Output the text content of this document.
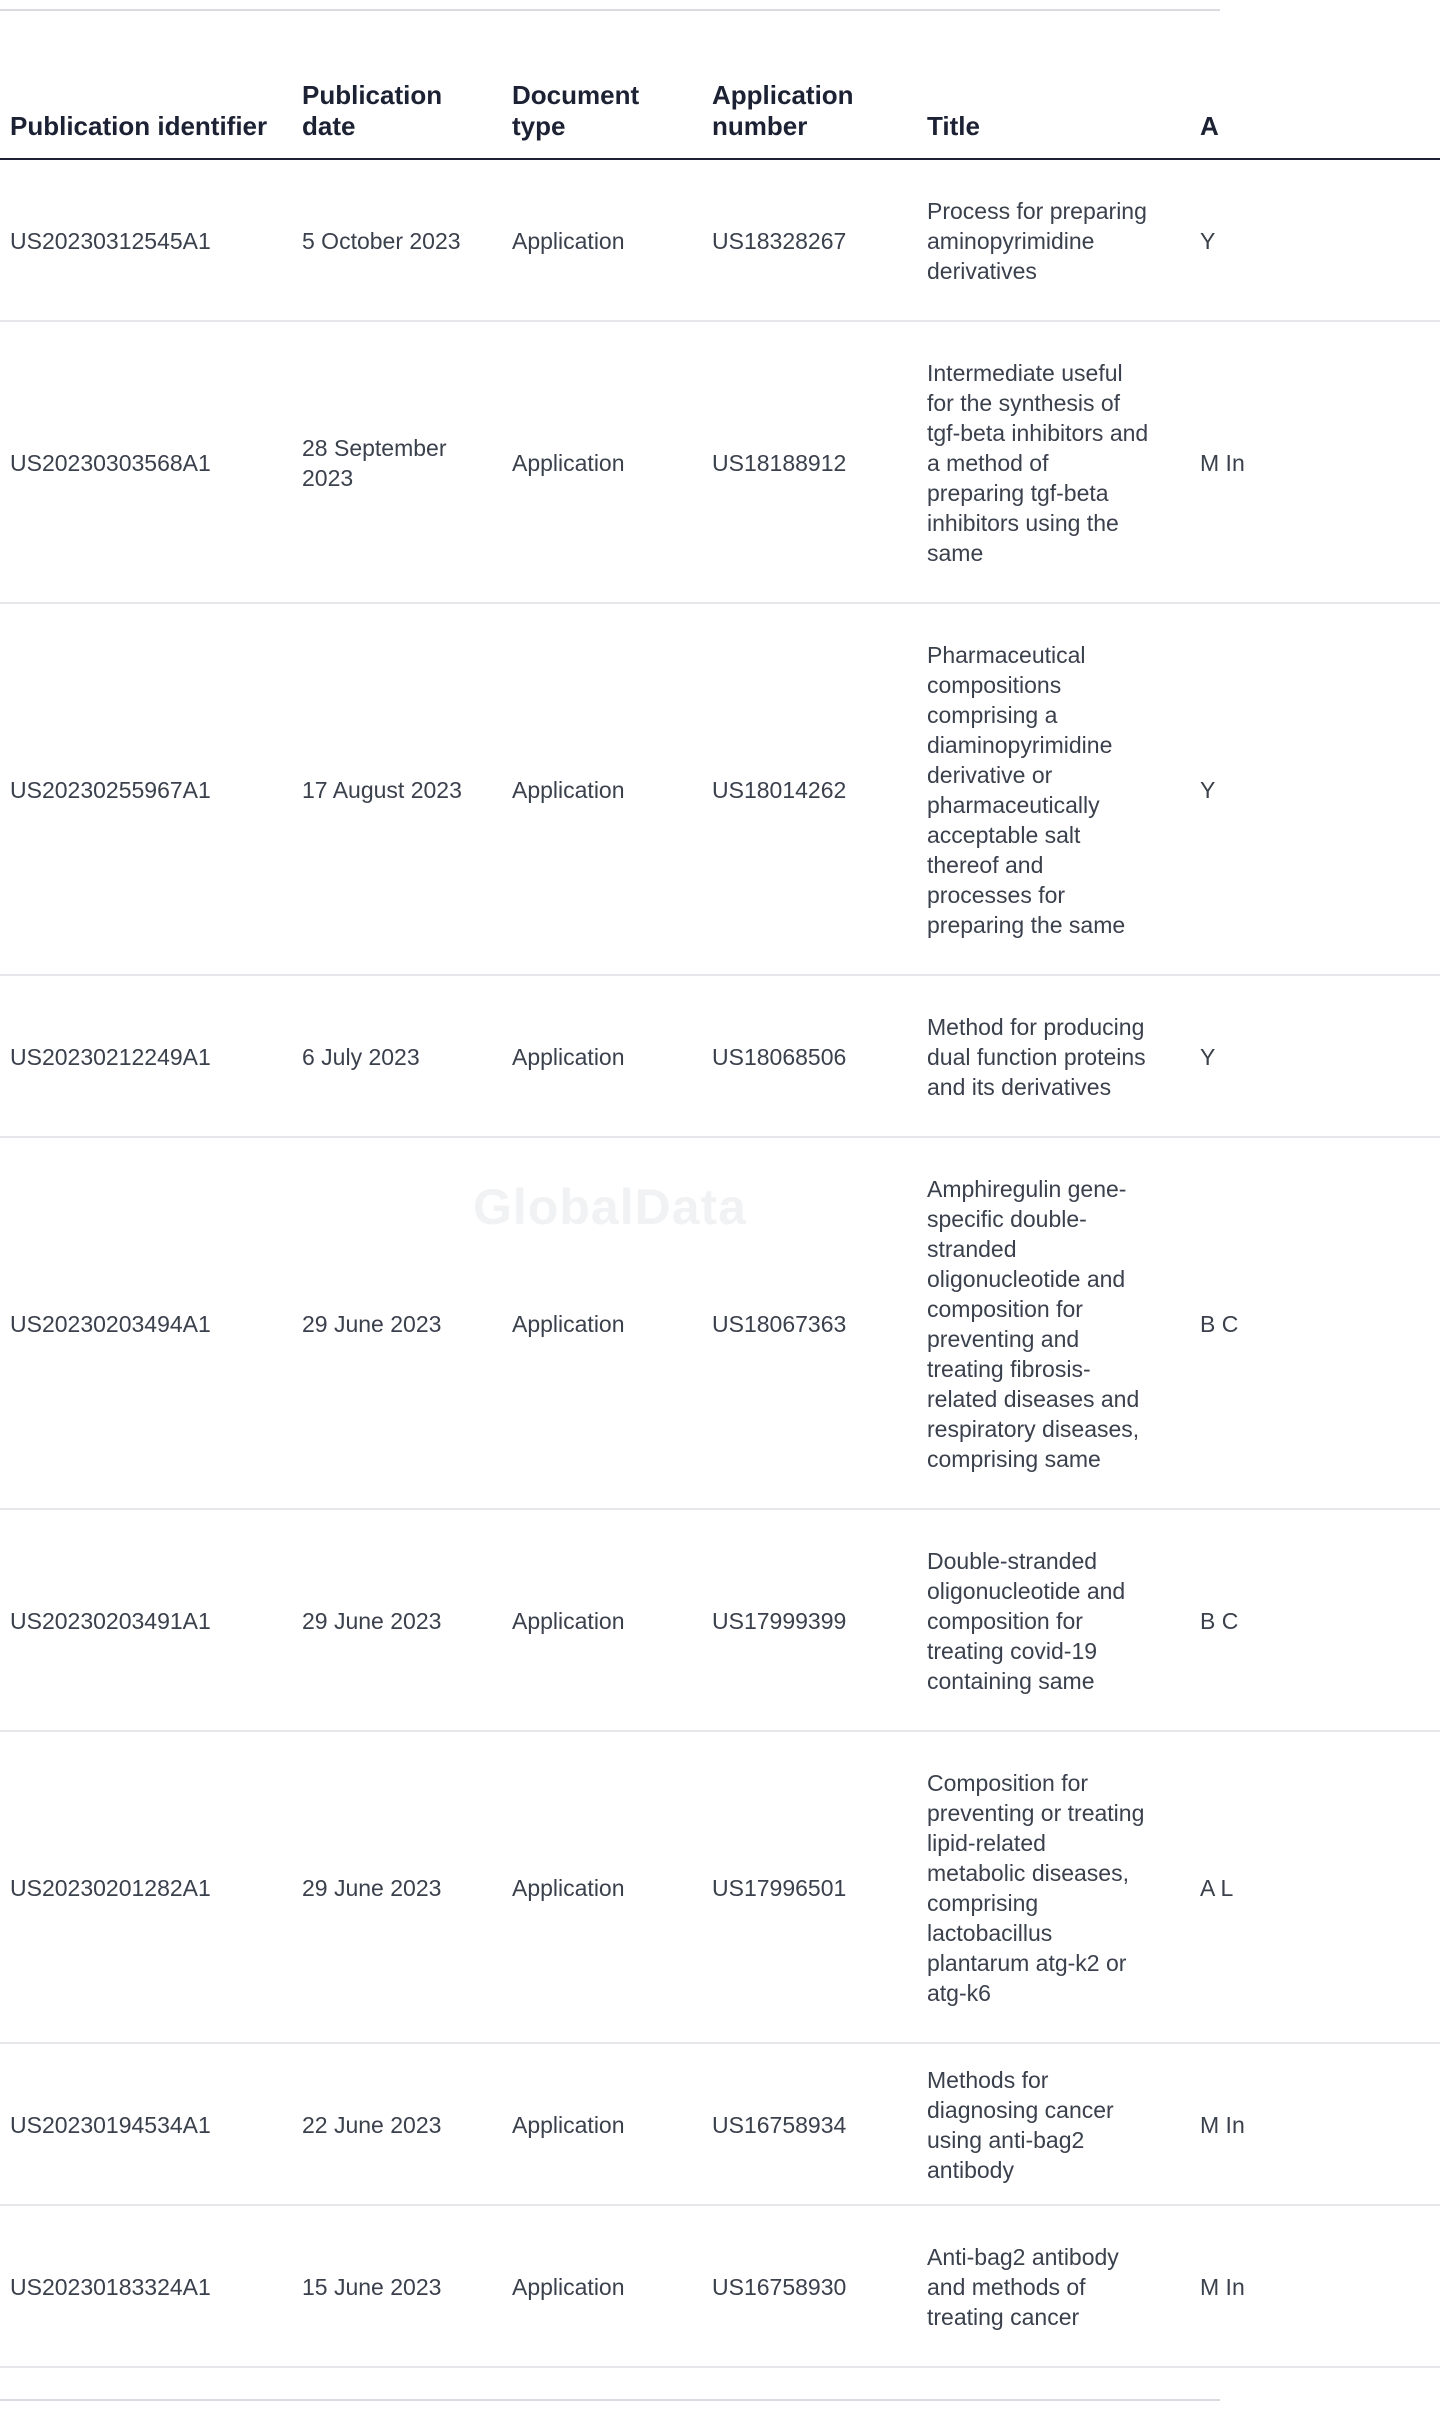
GlobalData
Publication identifier	Publication date	Document type	Application number	Title	A
US20230312545A1	5 October 2023	Application	US18328267	Process for preparing aminopyrimidine derivatives	Y
US20230303568A1	28 September 2023	Application	US18188912	Intermediate useful for the synthesis of tgf-beta inhibitors and a method of preparing tgf-beta inhibitors using the same	M In
US20230255967A1	17 August 2023	Application	US18014262	Pharmaceutical compositions comprising a diaminopyrimidine derivative or pharmaceutically acceptable salt thereof and processes for preparing the same	Y
US20230212249A1	6 July 2023	Application	US18068506	Method for producing dual function proteins and its derivatives	Y
US20230203494A1	29 June 2023	Application	US18067363	Amphiregulin gene-specific double-stranded oligonucleotide and composition for preventing and treating fibrosis-related diseases and respiratory diseases, comprising same	B C
US20230203491A1	29 June 2023	Application	US17999399	Double-stranded oligonucleotide and composition for treating covid-19 containing same	B C
US20230201282A1	29 June 2023	Application	US17996501	Composition for preventing or treating lipid-related metabolic diseases, comprising lactobacillus plantarum atg-k2 or atg-k6	A L
US20230194534A1	22 June 2023	Application	US16758934	Methods for diagnosing cancer using anti-bag2 antibody	M In
US20230183324A1	15 June 2023	Application	US16758930	Anti-bag2 antibody and methods of treating cancer	M In
